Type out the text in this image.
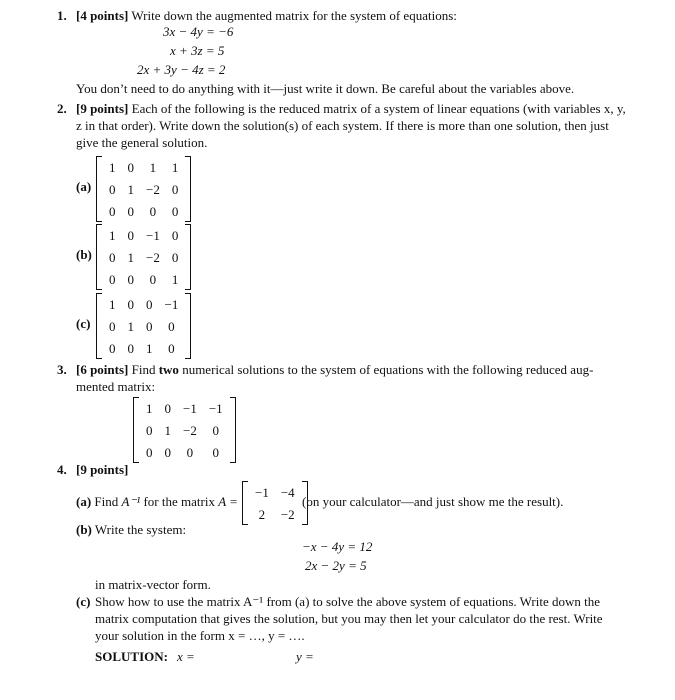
1. [4 points] Write down the augmented matrix for the system of equations:
3x − 4y = −6
x + 3z = 5
2x + 3y − 4z = 2
You don’t need to do anything with it—just write it down. Be careful about the variables above.
2. [9 points] Each of the following is the reduced matrix of a system of linear equations (with variables x, y, z in that order). Write down the solution(s) of each system. If there is more than one solution, then just give the general solution.
(a)
1	0	1	1
0	1	−2	0
0	0	0	0
(b)
1	0	−1	0
0	1	−2	0
0	0	0	1
(c)
1	0	0	−1
0	1	0	0
0	0	1	0
3. [6 points] Find two numerical solutions to the system of equations with the following reduced aug-mented matrix:
1	0	−1	−1
0	1	−2	0
0	0	0	0
4. [9 points]
(a) Find A⁻¹ for the matrix A =
−1	−4
2	−2
(on your calculator—and just show me the result).
(b) Write the system:
−x − 4y = 12
2x − 2y = 5
in matrix-vector form.
(c) Show how to use the matrix A⁻¹ from (a) to solve the above system of equations. Write down the matrix computation that gives the solution, but you may then let your calculator do the rest. Write your solution in the form x = …, y = ….
SOLUTION: x =	y =
